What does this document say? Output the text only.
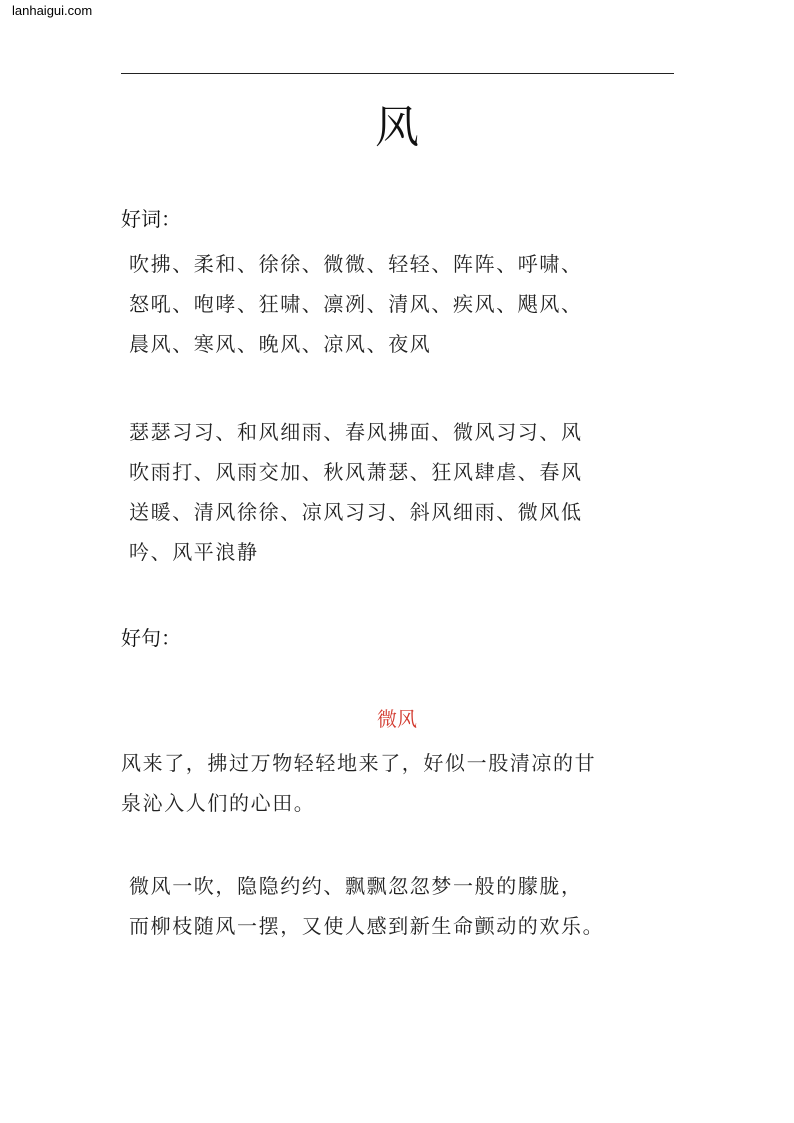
lanhaigui.com
风
好词：
吹拂、柔和、徐徐、微微、轻轻、阵阵、呼啸、
怒吼、咆哮、狂啸、凛冽、清风、疾风、飓风、
晨风、寒风、晚风、凉风、夜风
瑟瑟习习、和风细雨、春风拂面、微风习习、风
吹雨打、风雨交加、秋风萧瑟、狂风肆虐、春风
送暖、清风徐徐、凉风习习、斜风细雨、微风低
吟、风平浪静
好句：
微风
风来了，拂过万物轻轻地来了，好似一股清凉的甘
泉沁入人们的心田。
微风一吹，隐隐约约、飘飘忽忽梦一般的朦胧，
而柳枝随风一摆，又使人感到新生命颤动的欢乐。
